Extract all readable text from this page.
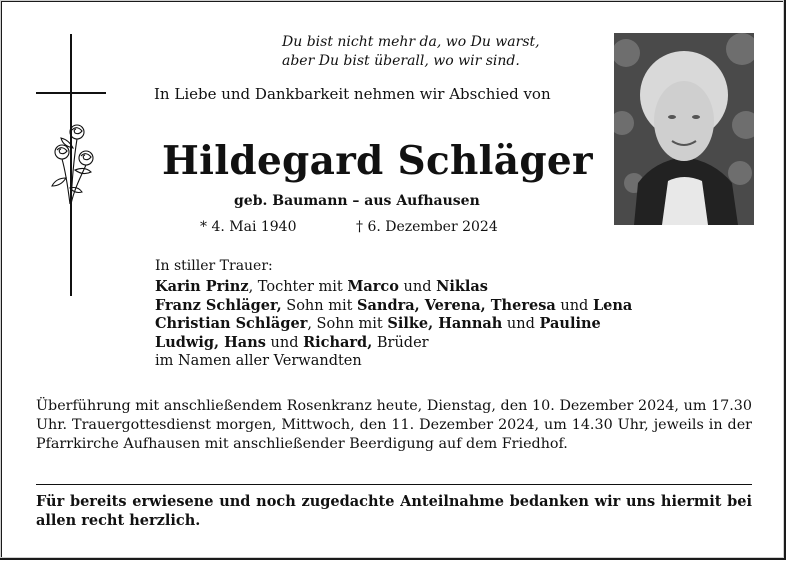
Du bist nicht mehr da, wo Du warst,
aber Du bist überall, wo wir sind.
In Liebe und Dankbarkeit nehmen wir Abschied von
Hildegard Schläger
geb. Baumann – aus Aufhausen
* 4. Mai 1940	† 6. Dezember 2024
In stiller Trauer:
Karin Prinz, Tochter mit Marco und Niklas
Franz Schläger, Sohn mit Sandra, Verena, Theresa und Lena
Christian Schläger, Sohn mit Silke, Hannah und Pauline
Ludwig, Hans und Richard, Brüder
im Namen aller Verwandten
Überführung mit anschließendem Rosenkranz heute, Dienstag, den 10. Dezember 2024, um 17.30 Uhr. Trauergottesdienst morgen, Mittwoch, den 11. Dezember 2024, um 14.30 Uhr, jeweils in der Pfarrkirche Aufhausen mit anschließender Beerdigung auf dem Friedhof.
Für bereits erwiesene und noch zugedachte Anteilnahme bedanken wir uns hiermit bei allen recht herzlich.
